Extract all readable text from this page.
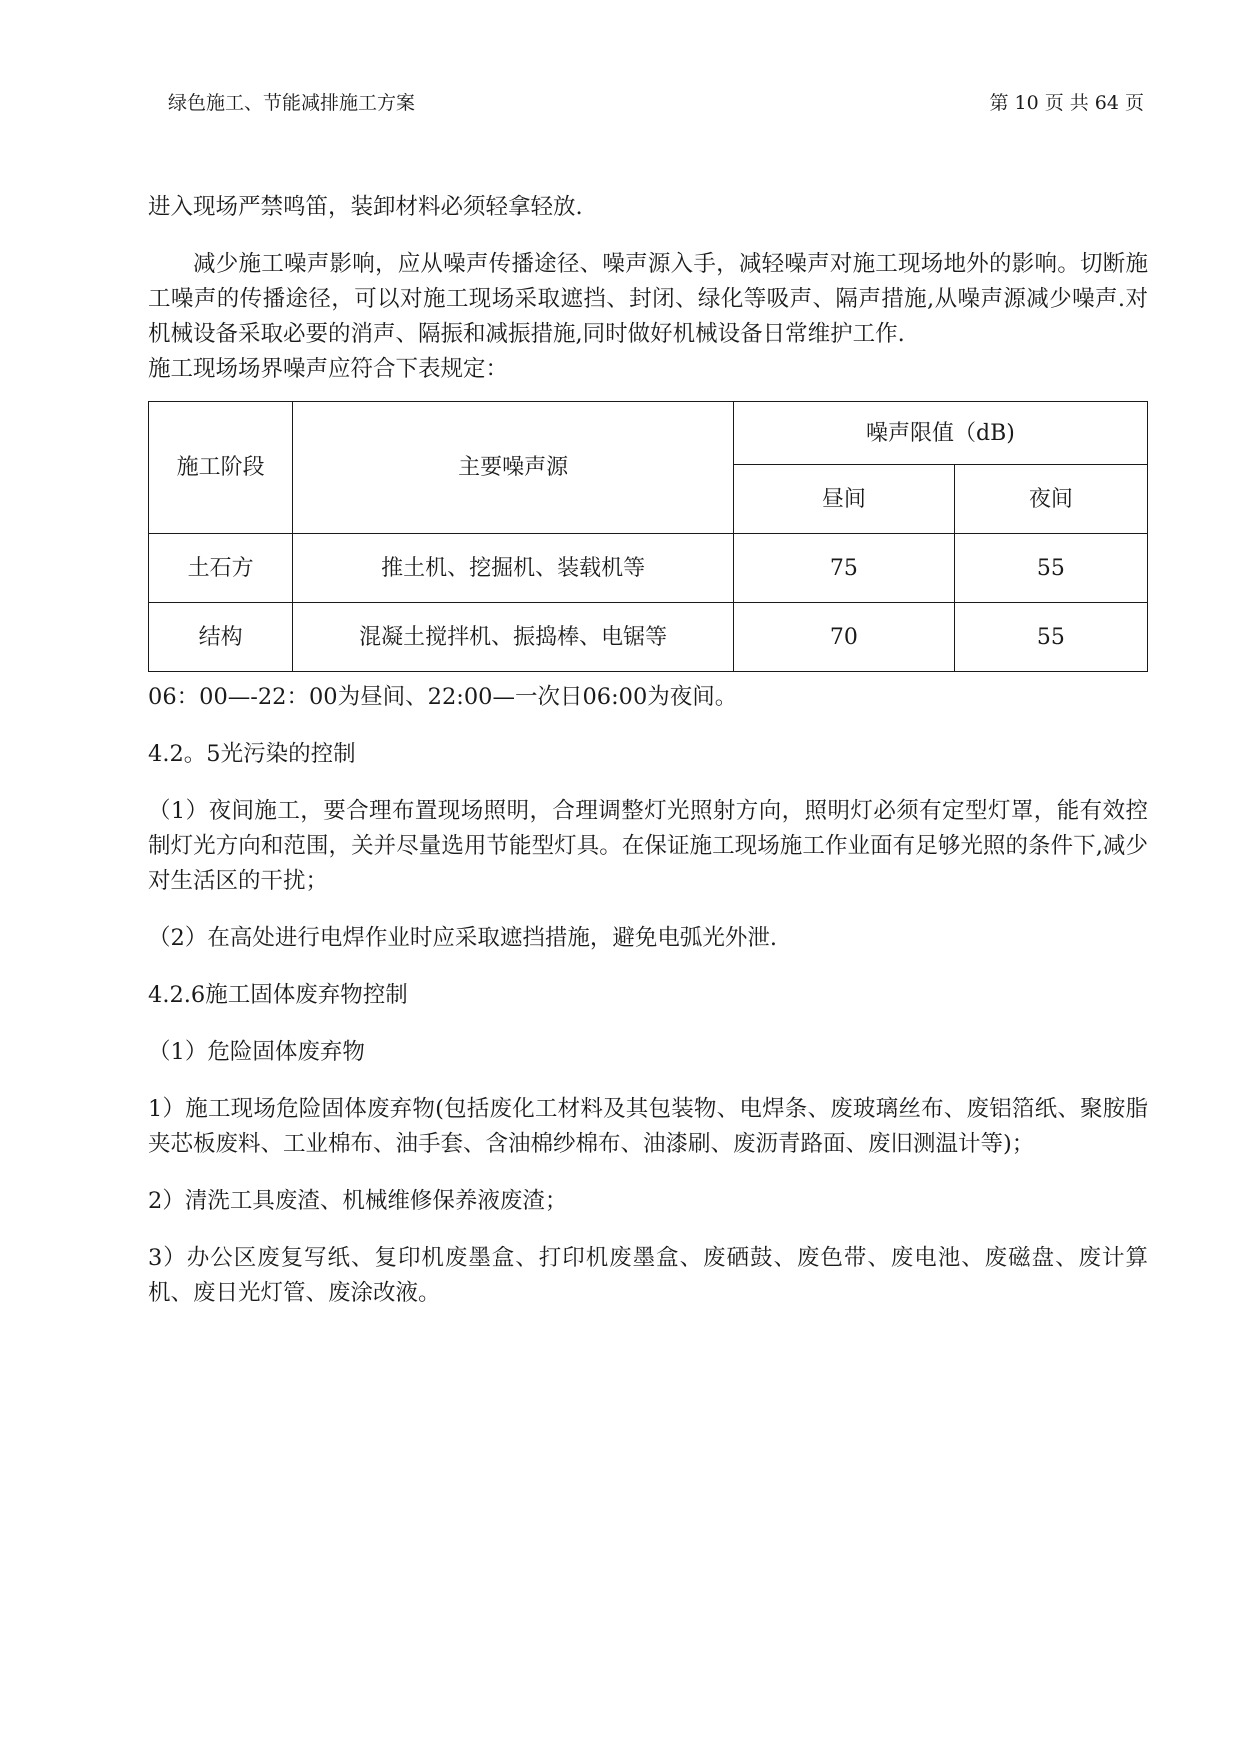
绿色施工、节能减排施工方案	第 10 页 共 64 页

进入现场严禁鸣笛，装卸材料必须轻拿轻放.

减少施工噪声影响，应从噪声传播途径、噪声源入手，减轻噪声对施工现场地外的影响。切断施工噪声的传播途径，可以对施工现场采取遮挡、封闭、绿化等吸声、隔声措施,从噪声源减少噪声.对机械设备采取必要的消声、隔振和减振措施,同时做好机械设备日常维护工作.

施工现场场界噪声应符合下表规定：

施工阶段	主要噪声源	噪声限值（dB)	
		昼间	夜间
土石方	推土机、挖掘机、装载机等	75	55
结构	混凝土搅拌机、振捣棒、电锯等	70	55

06：00—-22：00为昼间、22:00—一次日06:00为夜间。

4.2。5光污染的控制

（1）夜间施工，要合理布置现场照明，合理调整灯光照射方向，照明灯必须有定型灯罩，能有效控制灯光方向和范围，关并尽量选用节能型灯具。在保证施工现场施工作业面有足够光照的条件下,减少对生活区的干扰；

（2）在高处进行电焊作业时应采取遮挡措施，避免电弧光外泄.

4.2.6施工固体废弃物控制

（1）危险固体废弃物

1）施工现场危险固体废弃物(包括废化工材料及其包装物、电焊条、废玻璃丝布、废铝箔纸、聚胺脂夹芯板废料、工业棉布、油手套、含油棉纱棉布、油漆刷、废沥青路面、废旧测温计等)；

2）清洗工具废渣、机械维修保养液废渣；

3）办公区废复写纸、复印机废墨盒、打印机废墨盒、废硒鼓、废色带、废电池、废磁盘、废计算机、废日光灯管、废涂改液。
